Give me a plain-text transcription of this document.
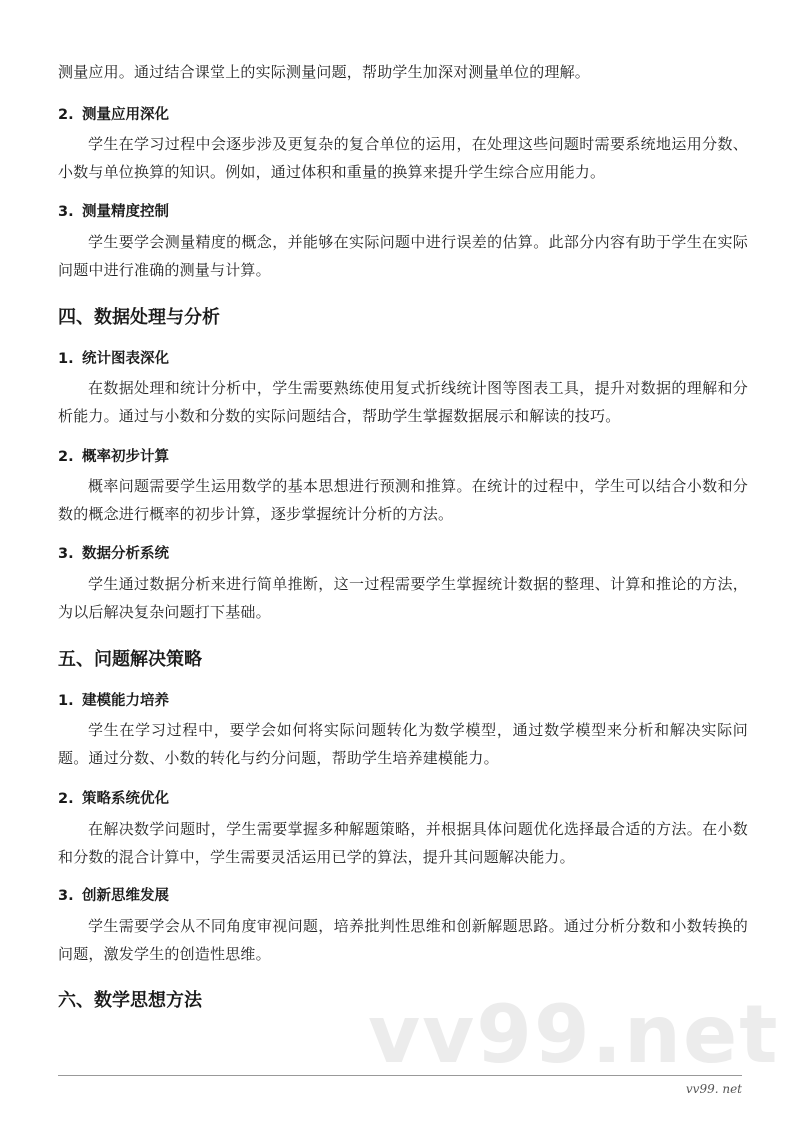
测量应用。通过结合课堂上的实际测量问题，帮助学生加深对测量单位的理解。

2. 测量应用深化

学生在学习过程中会逐步涉及更复杂的复合单位的运用，在处理这些问题时需要系统地运用分数、小数与单位换算的知识。例如，通过体积和重量的换算来提升学生综合应用能力。

3. 测量精度控制

学生要学会测量精度的概念，并能够在实际问题中进行误差的估算。此部分内容有助于学生在实际问题中进行准确的测量与计算。

四、数据处理与分析
1. 统计图表深化

在数据处理和统计分析中，学生需要熟练使用复式折线统计图等图表工具，提升对数据的理解和分析能力。通过与小数和分数的实际问题结合，帮助学生掌握数据展示和解读的技巧。

2. 概率初步计算

概率问题需要学生运用数学的基本思想进行预测和推算。在统计的过程中，学生可以结合小数和分数的概念进行概率的初步计算，逐步掌握统计分析的方法。

3. 数据分析系统

学生通过数据分析来进行简单推断，这一过程需要学生掌握统计数据的整理、计算和推论的方法，为以后解决复杂问题打下基础。

五、问题解决策略
1. 建模能力培养

学生在学习过程中，要学会如何将实际问题转化为数学模型，通过数学模型来分析和解决实际问题。通过分数、小数的转化与约分问题，帮助学生培养建模能力。

2. 策略系统优化

在解决数学问题时，学生需要掌握多种解题策略，并根据具体问题优化选择最合适的方法。在小数和分数的混合计算中，学生需要灵活运用已学的算法，提升其问题解决能力。

3. 创新思维发展

学生需要学会从不同角度审视问题，培养批判性思维和创新解题思路。通过分析分数和小数转换的问题，激发学生的创造性思维。

六、数学思想方法 vv99.net
vv99. net
